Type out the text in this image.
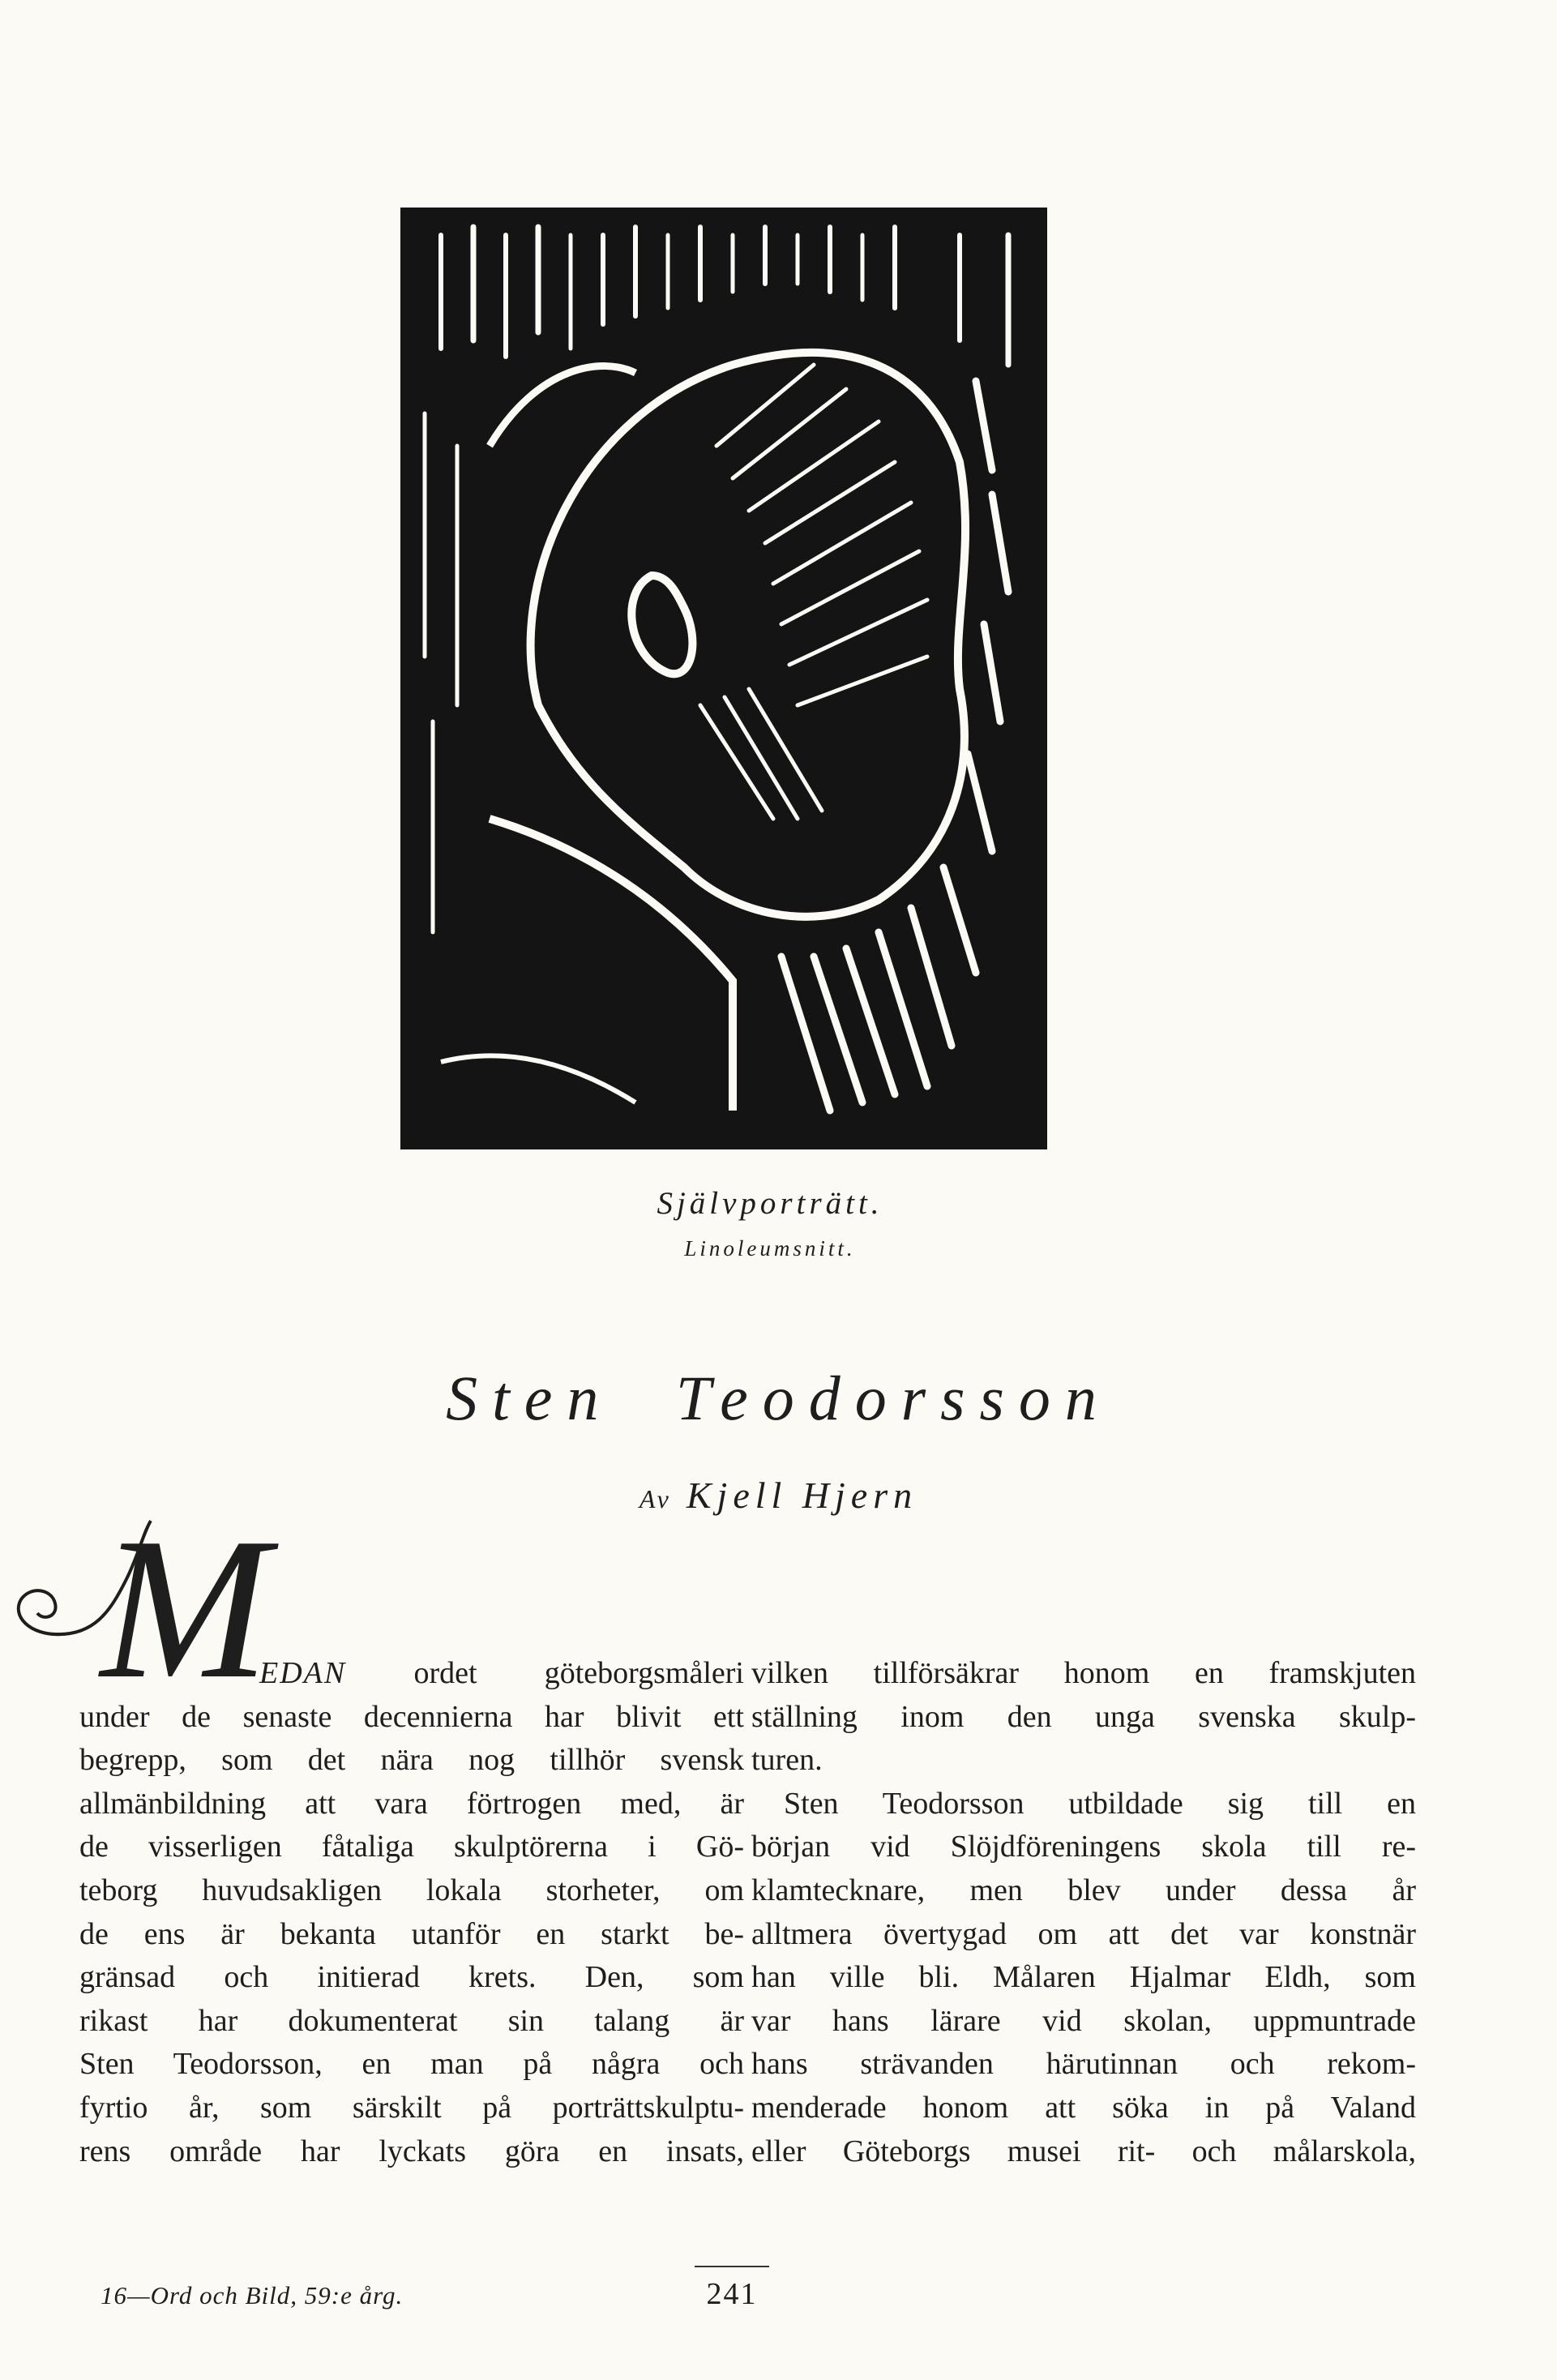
Självporträtt.
Linoleumsnitt.
Sten Teodorsson
Av Kjell Hjern
M
EDAN ordet göteborgsmåleri
under de senaste decennierna har blivit ett
begrepp, som det nära nog tillhör svensk
allmänbildning att vara förtrogen med, är
de visserligen fåtaliga skulptörerna i Gö-
teborg huvudsakligen lokala storheter, om
de ens är bekanta utanför en starkt be-
gränsad och initierad krets. Den, som
rikast har dokumenterat sin talang är
Sten Teodorsson, en man på några och
fyrtio år, som särskilt på porträttskulptu-
rens område har lyckats göra en insats,
vilken tillförsäkrar honom en framskjuten
ställning inom den unga svenska skulp-
turen.
Sten Teodorsson utbildade sig till en
början vid Slöjdföreningens skola till re-
klamtecknare, men blev under dessa år
alltmera övertygad om att det var konstnär
han ville bli. Målaren Hjalmar Eldh, som
var hans lärare vid skolan, uppmuntrade
hans strävanden härutinnan och rekom-
menderade honom att söka in på Valand
eller Göteborgs musei rit- och målarskola,
16—Ord och Bild, 59:e årg.	241
